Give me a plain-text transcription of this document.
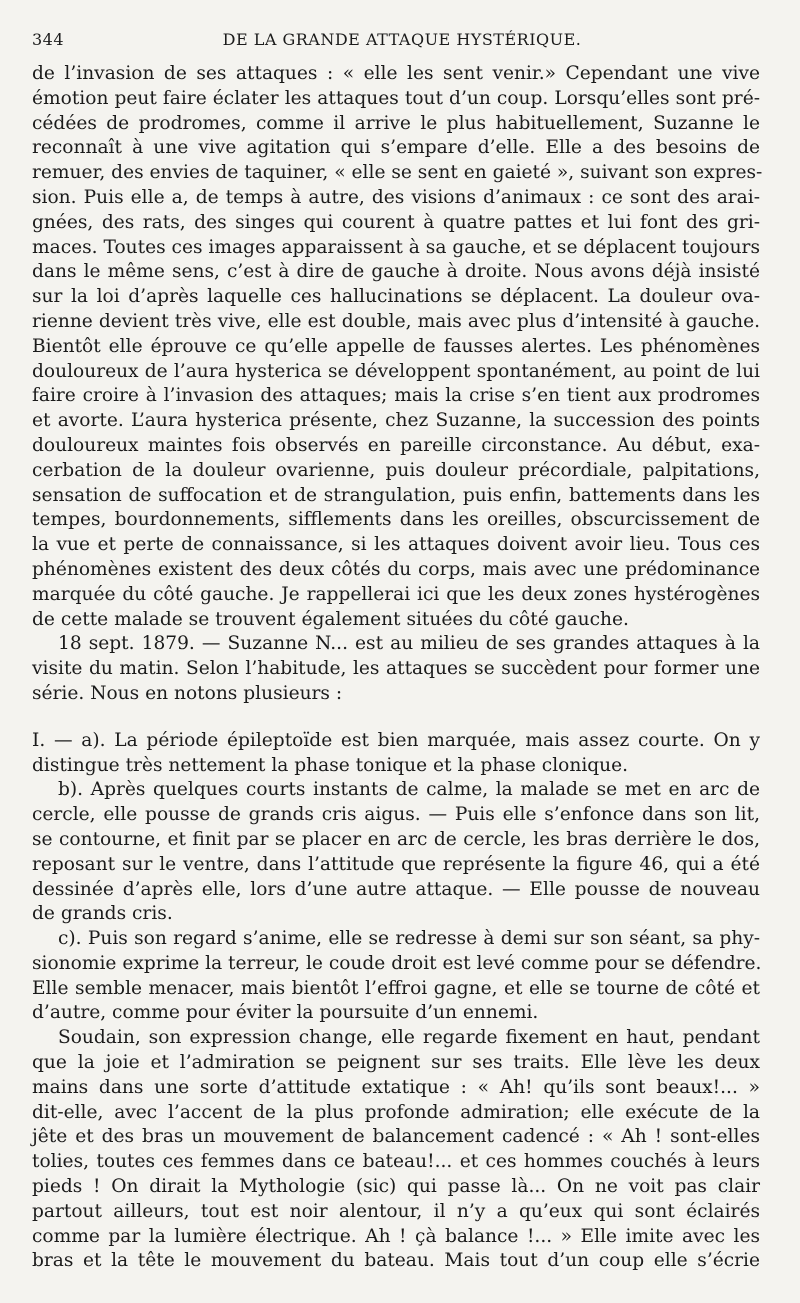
344	DE LA GRANDE ATTAQUE HYSTÉRIQUE.
de l’invasion de ses attaques : « elle les sent venir.» Cependant une vive
émotion peut faire éclater les attaques tout d’un coup. Lorsqu’elles sont pré-
cédées de prodromes, comme il arrive le plus habituellement, Suzanne le
reconnaît à une vive agitation qui s’empare d’elle. Elle a des besoins de
remuer, des envies de taquiner, « elle se sent en gaieté », suivant son expres-
sion. Puis elle a, de temps à autre, des visions d’animaux : ce sont des arai-
gnées, des rats, des singes qui courent à quatre pattes et lui font des gri-
maces. Toutes ces images apparaissent à sa gauche, et se déplacent toujours
dans le même sens, c’est à dire de gauche à droite. Nous avons déjà insisté
sur la loi d’après laquelle ces hallucinations se déplacent. La douleur ova-
rienne devient très vive, elle est double, mais avec plus d’intensité à gauche.
Bientôt elle éprouve ce qu’elle appelle de fausses alertes. Les phénomènes
douloureux de l’aura hysterica se développent spontanément, au point de lui
faire croire à l’invasion des attaques; mais la crise s’en tient aux prodromes
et avorte. L’aura hysterica présente, chez Suzanne, la succession des points
douloureux maintes fois observés en pareille circonstance. Au début, exa-
cerbation de la douleur ovarienne, puis douleur précordiale, palpitations,
sensation de suffocation et de strangulation, puis enfin, battements dans les
tempes, bourdonnements, sifflements dans les oreilles, obscurcissement de
la vue et perte de connaissance, si les attaques doivent avoir lieu. Tous ces
phénomènes existent des deux côtés du corps, mais avec une prédominance
marquée du côté gauche. Je rappellerai ici que les deux zones hystérogènes
de cette malade se trouvent également situées du côté gauche.
18 sept. 1879. — Suzanne N... est au milieu de ses grandes attaques à la
visite du matin. Selon l’habitude, les attaques se succèdent pour former une
série. Nous en notons plusieurs :
I. — a). La période épileptoïde est bien marquée, mais assez courte. On y
distingue très nettement la phase tonique et la phase clonique.
b). Après quelques courts instants de calme, la malade se met en arc de
cercle, elle pousse de grands cris aigus. — Puis elle s’enfonce dans son lit,
se contourne, et finit par se placer en arc de cercle, les bras derrière le dos,
reposant sur le ventre, dans l’attitude que représente la figure 46, qui a été
dessinée d’après elle, lors d’une autre attaque. — Elle pousse de nouveau
de grands cris.
c). Puis son regard s’anime, elle se redresse à demi sur son séant, sa phy-
sionomie exprime la terreur, le coude droit est levé comme pour se défendre.
Elle semble menacer, mais bientôt l’effroi gagne, et elle se tourne de côté et
d’autre, comme pour éviter la poursuite d’un ennemi.
Soudain, son expression change, elle regarde fixement en haut, pendant
que la joie et l’admiration se peignent sur ses traits. Elle lève les deux
mains dans une sorte d’attitude extatique : « Ah! qu’ils sont beaux!... »
dit-elle, avec l’accent de la plus profonde admiration; elle exécute de la
jête et des bras un mouvement de balancement cadencé : « Ah ! sont-elles
tolies, toutes ces femmes dans ce bateau!... et ces hommes couchés à leurs
pieds ! On dirait la Mythologie (sic) qui passe là... On ne voit pas clair
partout ailleurs, tout est noir alentour, il n’y a qu’eux qui sont éclairés
comme par la lumière électrique. Ah ! çà balance !... » Elle imite avec les
bras et la tête le mouvement du bateau. Mais tout d’un coup elle s’écrie
